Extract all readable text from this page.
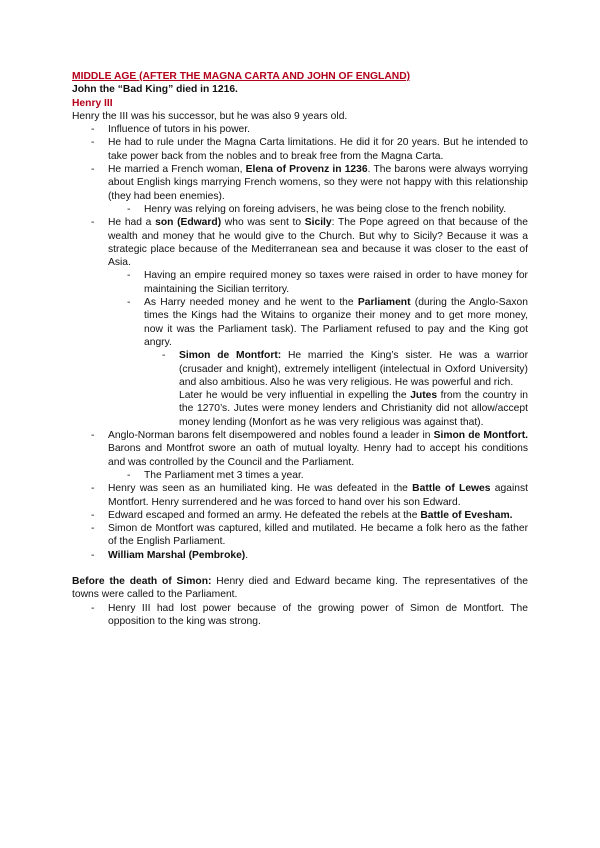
MIDDLE AGE (AFTER THE MAGNA CARTA AND JOHN OF ENGLAND)

John the “Bad King” died in 1216.

Henry III

Henry the III was his successor, but he was also 9 years old.

- Influence of tutors in his power.
- He had to rule under the Magna Carta limitations. He did it for 20 years. But he intended to take power back from the nobles and to break free from the Magna Carta.
- He married a French woman, Elena of Provenz in 1236. The barons were always worrying about English kings marrying French womens, so they were not happy with this relationship (they had been enemies).
- Henry was relying on foreing advisers, he was being close to the french nobility.
- He had a son (Edward) who was sent to Sicily: The Pope agreed on that because of the wealth and money that he would give to the Church. But why to Sicily? Because it was a strategic place because of the Mediterranean sea and because it was closer to the east of Asia.
- Having an empire required money so taxes were raised in order to have money for maintaining the Sicilian territory.
- As Harry needed money and he went to the Parliament (during the Anglo-Saxon times the Kings had the Witains to organize their money and to get more money, now it was the Parliament task). The Parliament refused to pay and the King got angry.
- Simon de Montfort: He married the King’s sister. He was a warrior (crusader and knight), extremely intelligent (intelectual in Oxford University) and also ambitious. Also he was very religious. He was powerful and rich.

Later he would be very influential in expelling the Jutes from the country in the 1270’s. Jutes were money lenders and Christianity did not allow/accept money lending (Monfort as he was very religious was against that).

- Anglo-Norman barons felt disempowered and nobles found a leader in Simon de Montfort. Barons and Montfrot swore an oath of mutual loyalty. Henry had to accept his conditions and was controlled by the Council and the Parliament.
- The Parliament met 3 times a year.
- Henry was seen as an humiliated king. He was defeated in the Battle of Lewes against Montfort. Henry surrendered and he was forced to hand over his son Edward.
- Edward escaped and formed an army. He defeated the rebels at the Battle of Evesham.
- Simon de Montfort was captured, killed and mutilated. He became a folk hero as the father of the English Parliament.
- William Marshal (Pembroke).

Before the death of Simon: Henry died and Edward became king. The representatives of the towns were called to the Parliament.

- Henry III had lost power because of the growing power of Simon de Montfort. The opposition to the king was strong.
